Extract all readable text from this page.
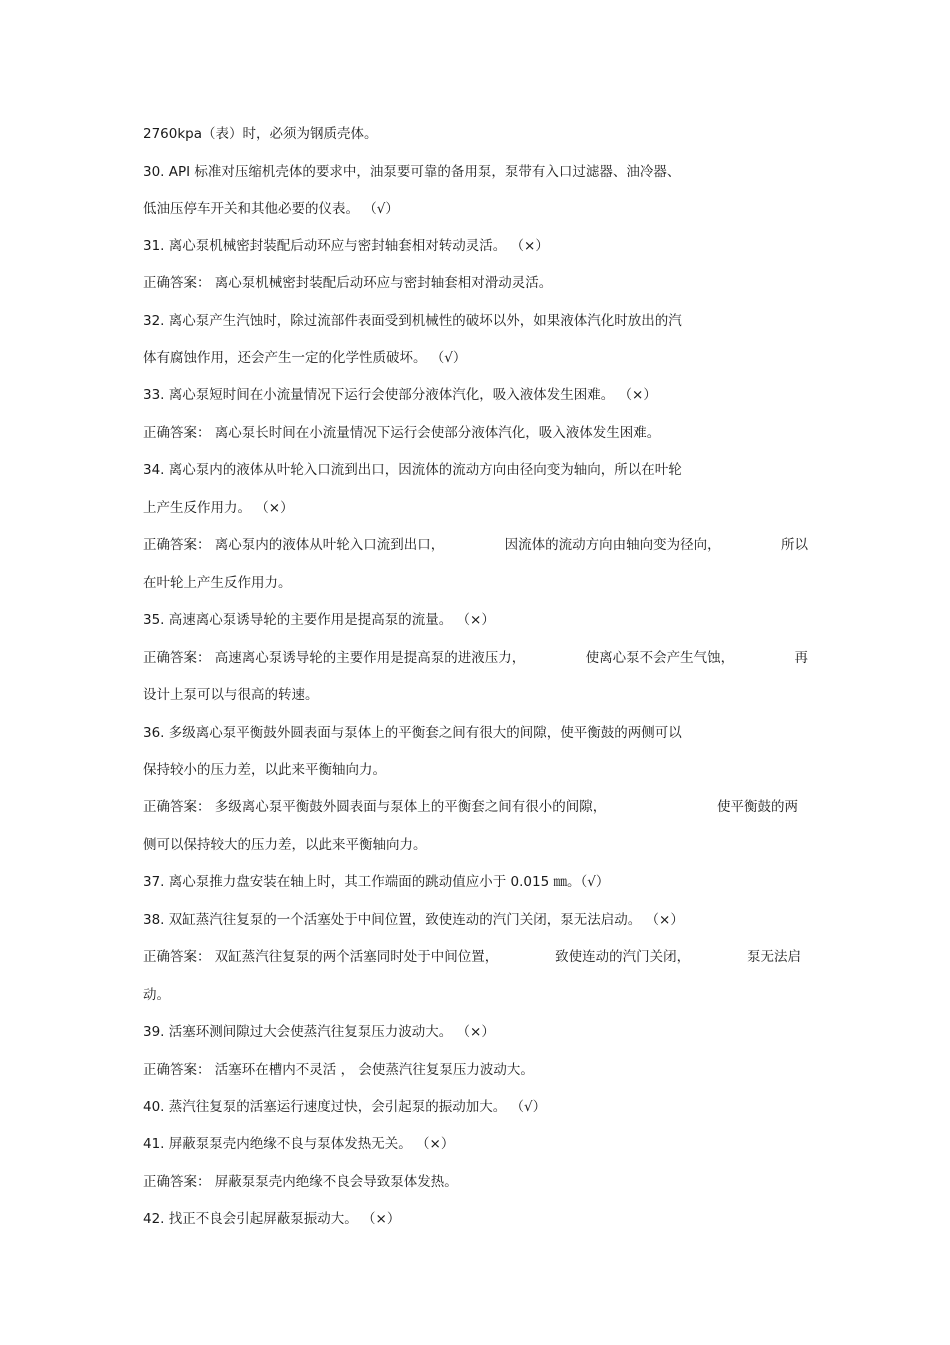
2760kpa（表）时，必须为钢质壳体。

30. API 标准对压缩机壳体的要求中，油泵要可靠的备用泵，泵带有入口过滤器、油冷器、

低油压停车开关和其他必要的仪表。 （√）

31. 离心泵机械密封装配后动环应与密封轴套相对转动灵活。 （×）

正确答案： 离心泵机械密封装配后动环应与密封轴套相对滑动灵活。

32. 离心泵产生汽蚀时，除过流部件表面受到机械性的破坏以外，如果液体汽化时放出的汽

体有腐蚀作用，还会产生一定的化学性质破坏。 （√）

33. 离心泵短时间在小流量情况下运行会使部分液体汽化，吸入液体发生困难。 （×）

正确答案： 离心泵长时间在小流量情况下运行会使部分液体汽化，吸入液体发生困难。

34. 离心泵内的液体从叶轮入口流到出口，因流体的流动方向由径向变为轴向，所以在叶轮

上产生反作用力。 （×）

正确答案： 离心泵内的液体从叶轮入口流到出口，	因流体的流动方向由轴向变为径向，	所以

在叶轮上产生反作用力。

35. 高速离心泵诱导轮的主要作用是提高泵的流量。 （×）

正确答案： 高速离心泵诱导轮的主要作用是提高泵的进液压力，	使离心泵不会产生气蚀，	再

设计上泵可以与很高的转速。

36. 多级离心泵平衡鼓外圆表面与泵体上的平衡套之间有很大的间隙，使平衡鼓的两侧可以

保持较小的压力差，以此来平衡轴向力。

正确答案： 多级离心泵平衡鼓外圆表面与泵体上的平衡套之间有很小的间隙，	使平衡鼓的两

侧可以保持较大的压力差，以此来平衡轴向力。

37. 离心泵推力盘安装在轴上时，其工作端面的跳动值应小于 0.015 ㎜。（√）

38. 双缸蒸汽往复泵的一个活塞处于中间位置，致使连动的汽门关闭，泵无法启动。 （×）

正确答案： 双缸蒸汽往复泵的两个活塞同时处于中间位置，	致使连动的汽门关闭，	泵无法启

动。

39. 活塞环测间隙过大会使蒸汽往复泵压力波动大。 （×）

正确答案： 活塞环在槽内不灵活 ， 会使蒸汽往复泵压力波动大。

40. 蒸汽往复泵的活塞运行速度过快，会引起泵的振动加大。 （√）

41. 屏蔽泵泵壳内绝缘不良与泵体发热无关。 （×）

正确答案： 屏蔽泵泵壳内绝缘不良会导致泵体发热。

42. 找正不良会引起屏蔽泵振动大。 （×）
